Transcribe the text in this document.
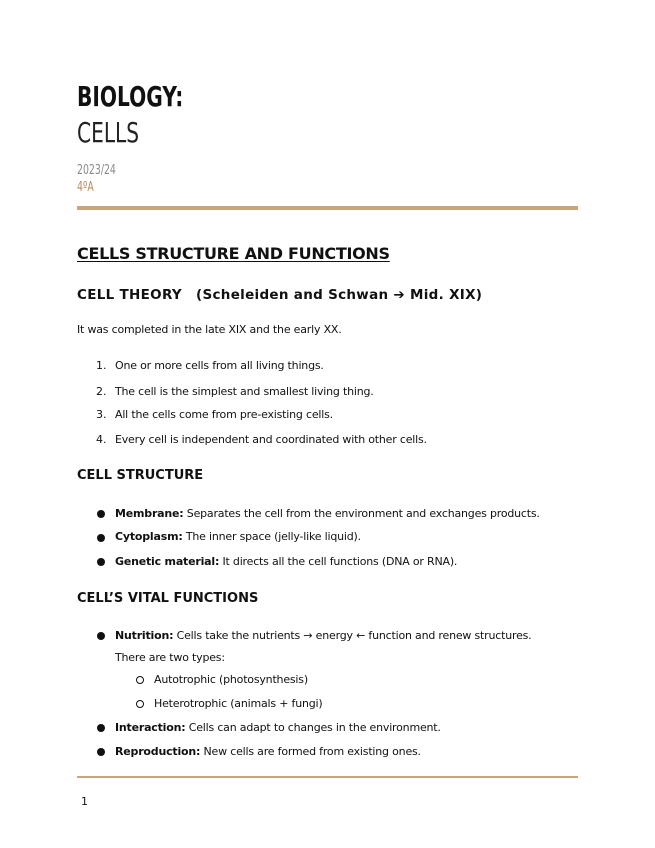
BIOLOGY:
CELLS
2023/24
4ºA
CELLS STRUCTURE AND FUNCTIONS
CELL THEORY (Scheleiden and Schwan ➔ Mid. XIX)
It was completed in the late XIX and the early XX.
1. One or more cells from all living things.
2. The cell is the simplest and smallest living thing.
3. All the cells come from pre-existing cells.
4. Every cell is independent and coordinated with other cells.
CELL STRUCTURE
Membrane: Separates the cell from the environment and exchanges products.
Cytoplasm: The inner space (jelly-like liquid).
Genetic material: It directs all the cell functions (DNA or RNA).
CELL’S VITAL FUNCTIONS
Nutrition: Cells take the nutrients → energy ← function and renew structures.
There are two types:
Autotrophic (photosynthesis)
Heterotrophic (animals + fungi)
Interaction: Cells can adapt to changes in the environment.
Reproduction: New cells are formed from existing ones.
1
